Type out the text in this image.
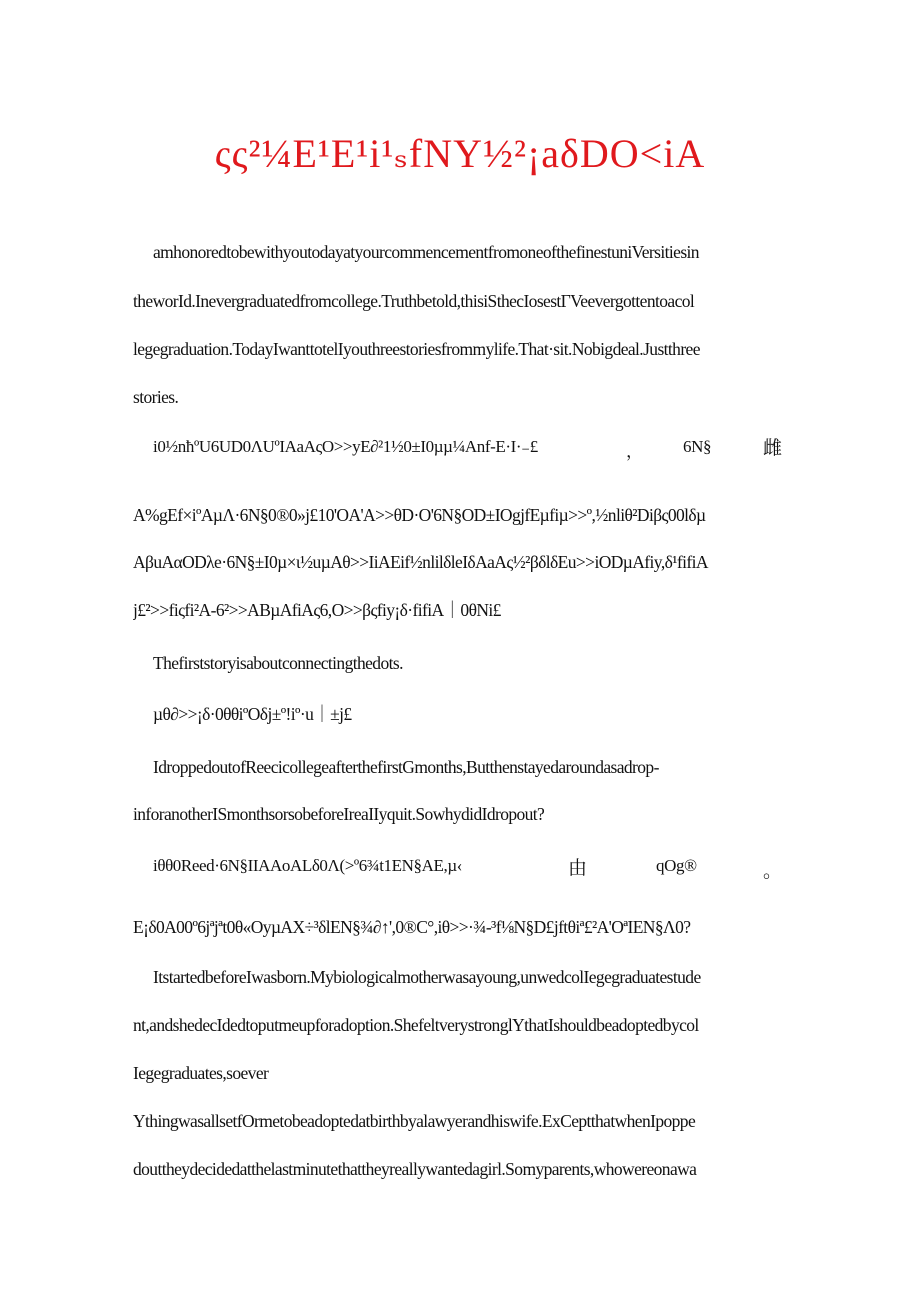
ςς²¼E¹E¹i¹ₛfNY½²¡aδDO<iA
amhonoredtobewithyoutodayatyourcommencementfromoneofthefinestuniVersitiesin
theworId.Inevergraduatedfromcollege.Truthbetold,thisiSthecIosestΓVeevergottentoacol
legegraduation.TodayIwanttotelIyouthreestoriesfrommylife.That·sit.Nobigdeal.Justthree
stories.
i0½nħºU6UD0ΛUºIAaAςO>>yE∂²1½0±I0µµ¼Anf-E·I·₋£	， 6N§	雌
A%gEf×iºAµΛ·6N§0®0»j£10'OA'A>>θD·O'6N§OD±IOgjfEµfiµ>>º,½nliθ²Diβς00lδµ
AβuAαODλe·6N§±I0µ×ι½uµAθ>>IiAEif½nlilδleIδAaAς½²βδlδEu>>iODµAfiy,δ¹fifiA
j£²>>fiςfi²A-6²>>ABµAfiAς6,O>>βςfiy¡δ·fifiA｜0θNi£
Thefirststoryisaboutconnectingthedots.
µθ∂>>¡δ·0θθiºOδj±º!iº·u｜±j£
IdroppedoutofReecicollegeafterthefirstGmonths,Butthenstayedaroundasadrop-
inforanotherISmonthsorsobeforeIreaIIyquit.SowhydidIdropout?
iθθ0Reed·6N§IIAAoALδ0Λ(>º6¾t1EN§AE,µ‹	由	qOg®	。
E¡δ0A00º6jªjªt0θ«OyµAX÷³δlEN§¾∂↑',0®C°,iθ>>·¾-³f⅛N§D£jftθiª£²A'OªIEN§Λ0?
ItstartedbeforeIwasborn.Mybiologicalmotherwasayoung,unwedcolIegegraduatestude
nt,andshedecIdedtoputmeupforadoption.ShefeltverystronglYthatIshouldbeadoptedbycol
Iegegraduates,soever
YthingwasallsetfOrmetobeadoptedatbirthbyalawyerandhiswife.ExCeptthatwhenIpoppe
douttheydecidedatthelastminutethattheyreallywantedagirl.Somyparents,whowereonawa
